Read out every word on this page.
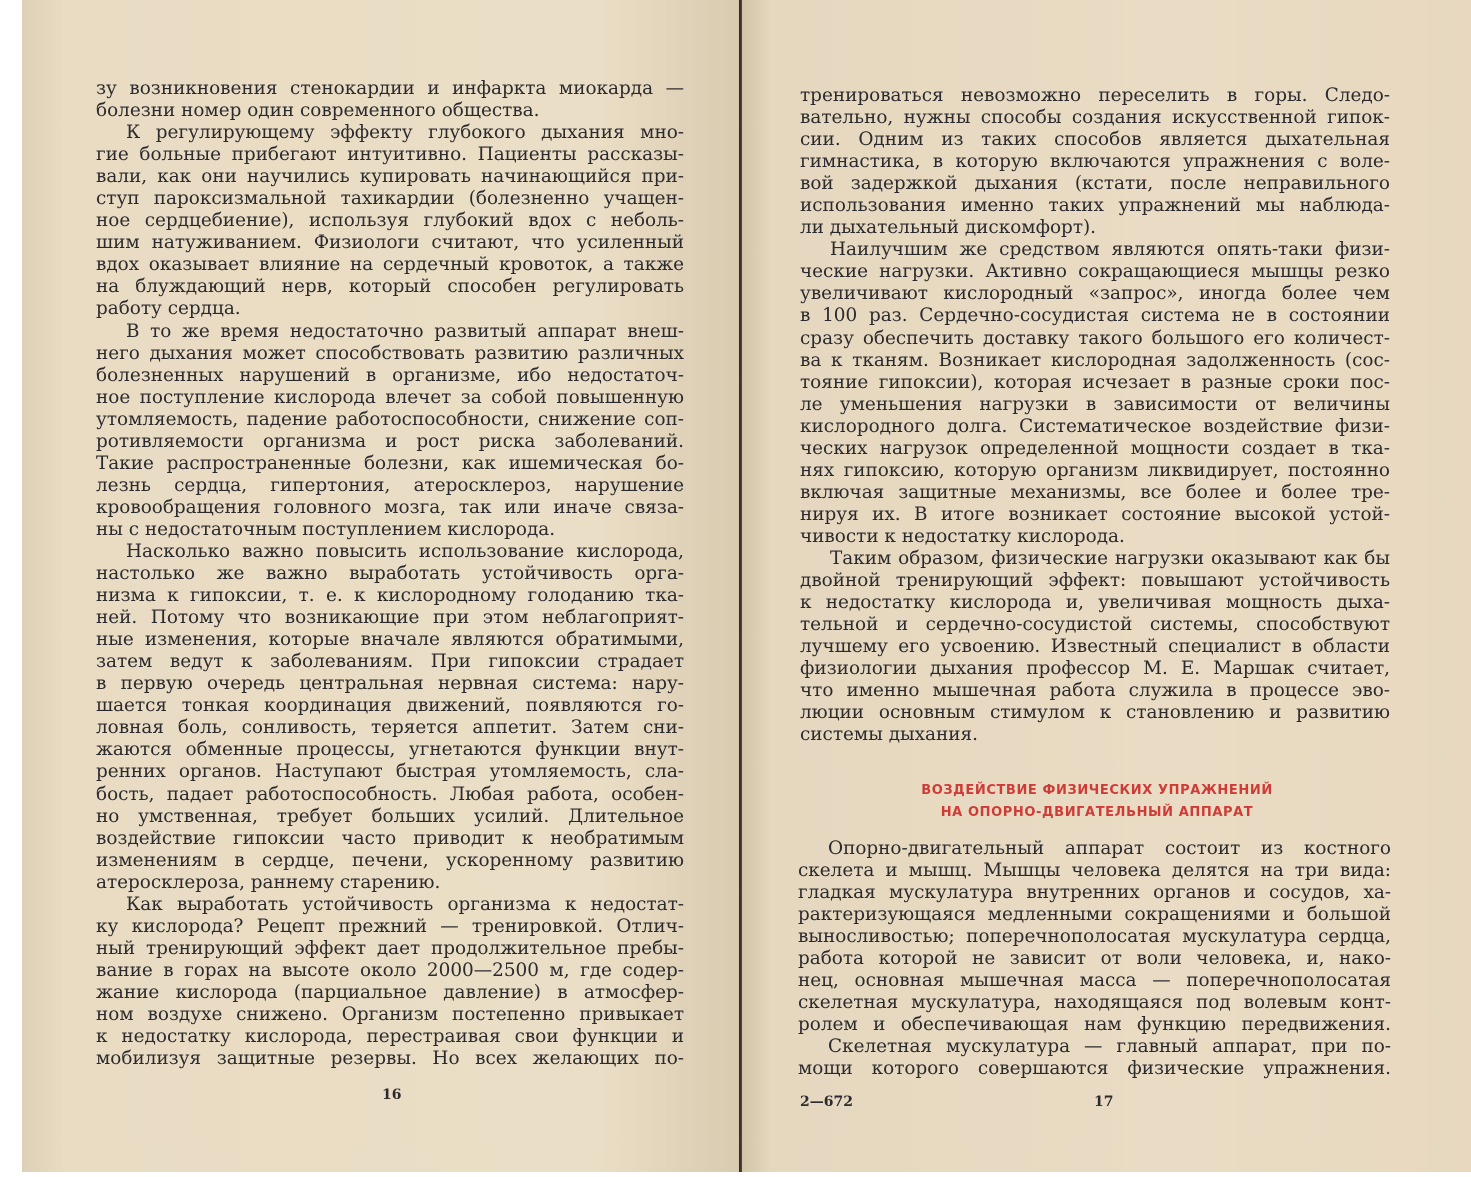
зу возникновения стенокардии и инфаркта миокарда —
болезни номер один современного общества.
К регулирующему эффекту глубокого дыхания мно-
гие больные прибегают интуитивно. Пациенты рассказы-
вали, как они научились купировать начинающийся при-
ступ пароксизмальной тахикардии (болезненно учащен-
ное сердцебиение), используя глубокий вдох с неболь-
шим натуживанием. Физиологи считают, что усиленный
вдох оказывает влияние на сердечный кровоток, а также
на блуждающий нерв, который способен регулировать
работу сердца.
В то же время недостаточно развитый аппарат внеш-
него дыхания может способствовать развитию различных
болезненных нарушений в организме, ибо недостаточ-
ное поступление кислорода влечет за собой повышенную
утомляемость, падение работоспособности, снижение соп-
ротивляемости организма и рост риска заболеваний.
Такие распространенные болезни, как ишемическая бо-
лезнь сердца, гипертония, атеросклероз, нарушение
кровообращения головного мозга, так или иначе связа-
ны с недостаточным поступлением кислорода.
Насколько важно повысить использование кислорода,
настолько же важно выработать устойчивость орга-
низма к гипоксии, т. е. к кислородному голоданию тка-
ней. Потому что возникающие при этом неблагоприят-
ные изменения, которые вначале являются обратимыми,
затем ведут к заболеваниям. При гипоксии страдает
в первую очередь центральная нервная система: нару-
шается тонкая координация движений, появляются го-
ловная боль, сонливость, теряется аппетит. Затем сни-
жаются обменные процессы, угнетаются функции внут-
ренних органов. Наступают быстрая утомляемость, сла-
бость, падает работоспособность. Любая работа, особен-
но умственная, требует больших усилий. Длительное
воздействие гипоксии часто приводит к необратимым
изменениям в сердце, печени, ускоренному развитию
атеросклероза, раннему старению.
Как выработать устойчивость организма к недостат-
ку кислорода? Рецепт прежний — тренировкой. Отлич-
ный тренирующий эффект дает продолжительное пребы-
вание в горах на высоте около 2000—2500 м, где содер-
жание кислорода (парциальное давление) в атмосфер-
ном воздухе снижено. Организм постепенно привыкает
к недостатку кислорода, перестраивая свои функции и
мобилизуя защитные резервы. Но всех желающих по-
16
тренироваться невозможно переселить в горы. Следо-
вательно, нужны способы создания искусственной гипок-
сии. Одним из таких способов является дыхательная
гимнастика, в которую включаются упражнения с воле-
вой задержкой дыхания (кстати, после неправильного
использования именно таких упражнений мы наблюда-
ли дыхательный дискомфорт).
Наилучшим же средством являются опять-таки физи-
ческие нагрузки. Активно сокращающиеся мышцы резко
увеличивают кислородный «запрос», иногда более чем
в 100 раз. Сердечно-сосудистая система не в состоянии
сразу обеспечить доставку такого большого его количест-
ва к тканям. Возникает кислородная задолженность (сос-
тояние гипоксии), которая исчезает в разные сроки пос-
ле уменьшения нагрузки в зависимости от величины
кислородного долга. Систематическое воздействие физи-
ческих нагрузок определенной мощности создает в тка-
нях гипоксию, которую организм ликвидирует, постоянно
включая защитные механизмы, все более и более тре-
нируя их. В итоге возникает состояние высокой устой-
чивости к недостатку кислорода.
Таким образом, физические нагрузки оказывают как бы
двойной тренирующий эффект: повышают устойчивость
к недостатку кислорода и, увеличивая мощность дыха-
тельной и сердечно-сосудистой системы, способствуют
лучшему его усвоению. Известный специалист в области
физиологии дыхания профессор М. Е. Маршак считает,
что именно мышечная работа служила в процессе эво-
люции основным стимулом к становлению и развитию
системы дыхания.
ВОЗДЕЙСТВИЕ ФИЗИЧЕСКИХ УПРАЖНЕНИЙ
НА ОПОРНО-ДВИГАТЕЛЬНЫЙ АППАРАТ
Опорно-двигательный аппарат состоит из костного
скелета и мышц. Мышцы человека делятся на три вида:
гладкая мускулатура внутренних органов и сосудов, ха-
рактеризующаяся медленными сокращениями и большой
выносливостью; поперечнополосатая мускулатура сердца,
работа которой не зависит от воли человека, и, нако-
нец, основная мышечная масса — поперечнополосатая
скелетная мускулатура, находящаяся под волевым конт-
ролем и обеспечивающая нам функцию передвижения.
Скелетная мускулатура — главный аппарат, при по-
мощи которого совершаются физические упражнения.
2—672	17
